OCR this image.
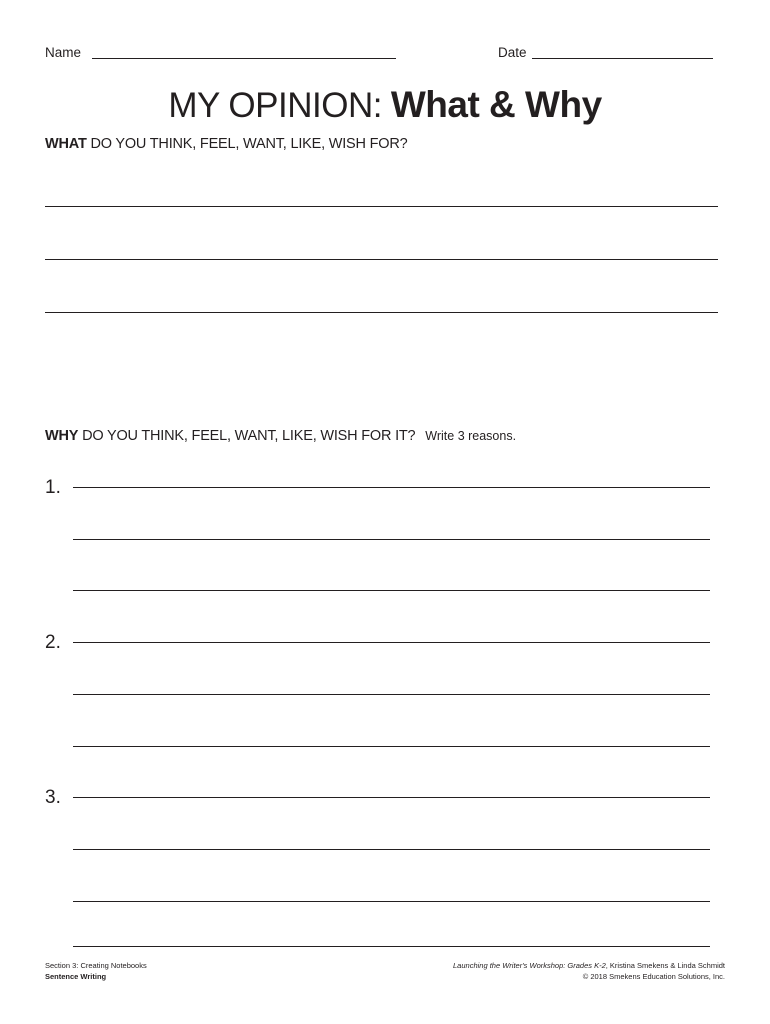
Name	Date
MY OPINION: What & Why
WHAT DO YOU THINK, FEEL, WANT, LIKE, WISH FOR?
WHY DO YOU THINK, FEEL, WANT, LIKE, WISH FOR IT? Write 3 reasons.
1.
2.
3.
Section 3: Creating Notebooks
Sentence Writing
Launching the Writer's Workshop: Grades K-2, Kristina Smekens & Linda Schmidt
© 2018 Smekens Education Solutions, Inc.
